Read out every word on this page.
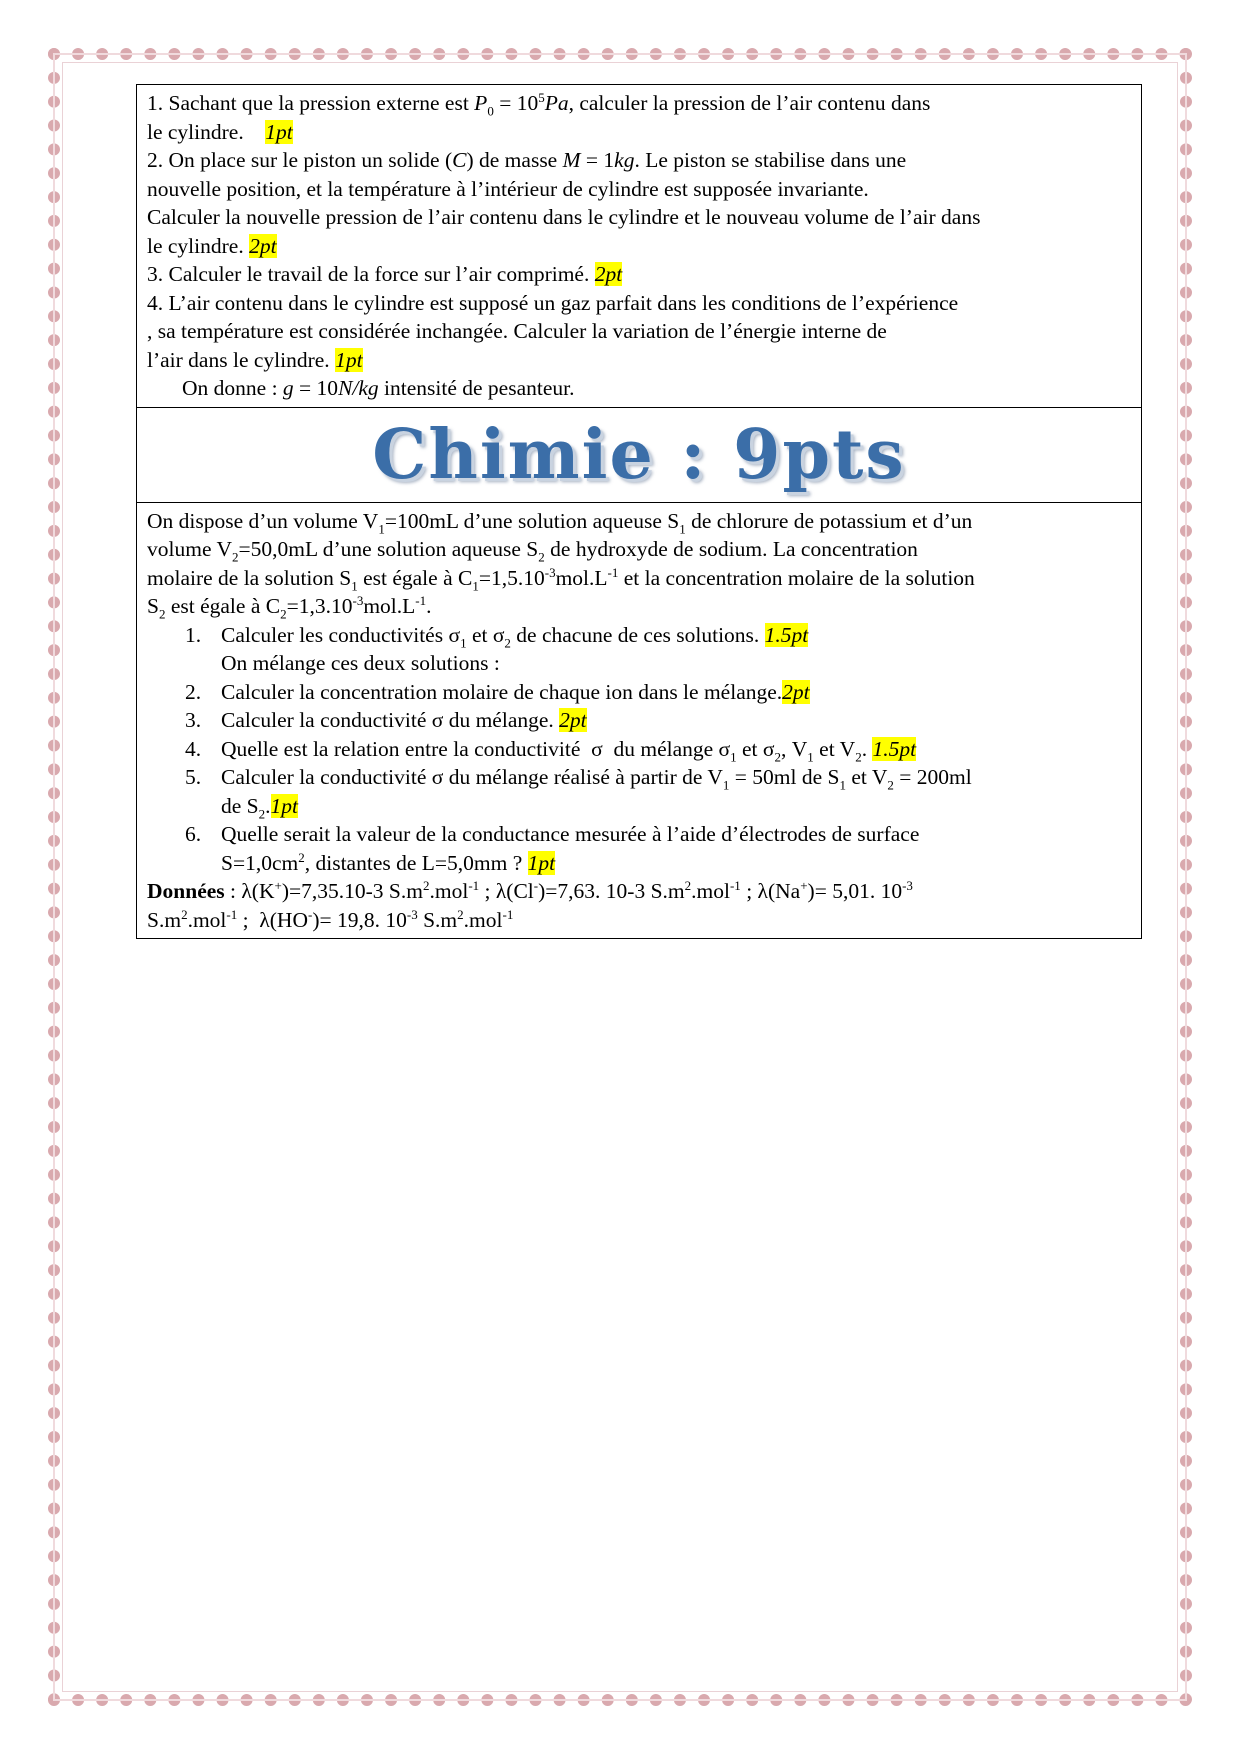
1. Sachant que la pression externe est $P_0 = 10^5Pa$, calculer la pression de l’air contenu dans
le cylindre. 1pt
2. On place sur le piston un solide (C) de masse M = 1kg. Le piston se stabilise dans une
nouvelle position, et la température à l’intérieur de cylindre est supposée invariante.
Calculer la nouvelle pression de l’air contenu dans le cylindre et le nouveau volume de l’air dans
le cylindre. 2pt
3. Calculer le travail de la force sur l’air comprimé. 2pt
4. L’air contenu dans le cylindre est supposé un gaz parfait dans les conditions de l’expérience
, sa température est considérée inchangée. Calculer la variation de l’énergie interne de
l’air dans le cylindre. 1pt
On donne : g = 10N/kg intensité de pesanteur.

Chimie : 9pts

On dispose d’un volume $V_1=100mL$ d’une solution aqueuse $S_1$ de chlorure de potassium et d’un
volume $V_2=50,0mL$ d’une solution aqueuse $S_2$ de hydroxyde de sodium. La concentration
molaire de la solution $S_1$ est égale à $C_1=1,5.10^{-3}mol.L^{-1}$ et la concentration molaire de la solution
$S_2$ est égale à $C_2=1,3.10^{-3}mol.L^{-1}$.
1. Calculer les conductivités $\sigma_1$ et $\sigma_2$ de chacune de ces solutions. 1.5pt
On mélange ces deux solutions :
2. Calculer la concentration molaire de chaque ion dans le mélange.2pt
3. Calculer la conductivité σ du mélange. 2pt
4. Quelle est la relation entre la conductivité  σ  du mélange $\sigma_1$ et $\sigma_2$, $V_1$ et $V_2$. 1.5pt
5. Calculer la conductivité σ du mélange réalisé à partir de $V_1 = 50ml$ de $S_1$ et $V_2 = 200ml$
de $S_2.1pt$
6. Quelle serait la valeur de la conductance mesurée à l’aide d’électrodes de surface
$S=1,0cm^2$, distantes de L=5,0mm ? 1pt
Données : λ(K+)=7,35.10-3 $S.m^2.mol^{-1}$ ; λ(Cl-)=7,63. 10-3 $S.m^2.mol^{-1}$ ; λ(Na+)= 5,01. $10^{-3}$
$S.m^2.mol^{-1}$ ;  λ(HO-)= 19,8. $10^{-3}$ $S.m^2.mol^{-1}$
